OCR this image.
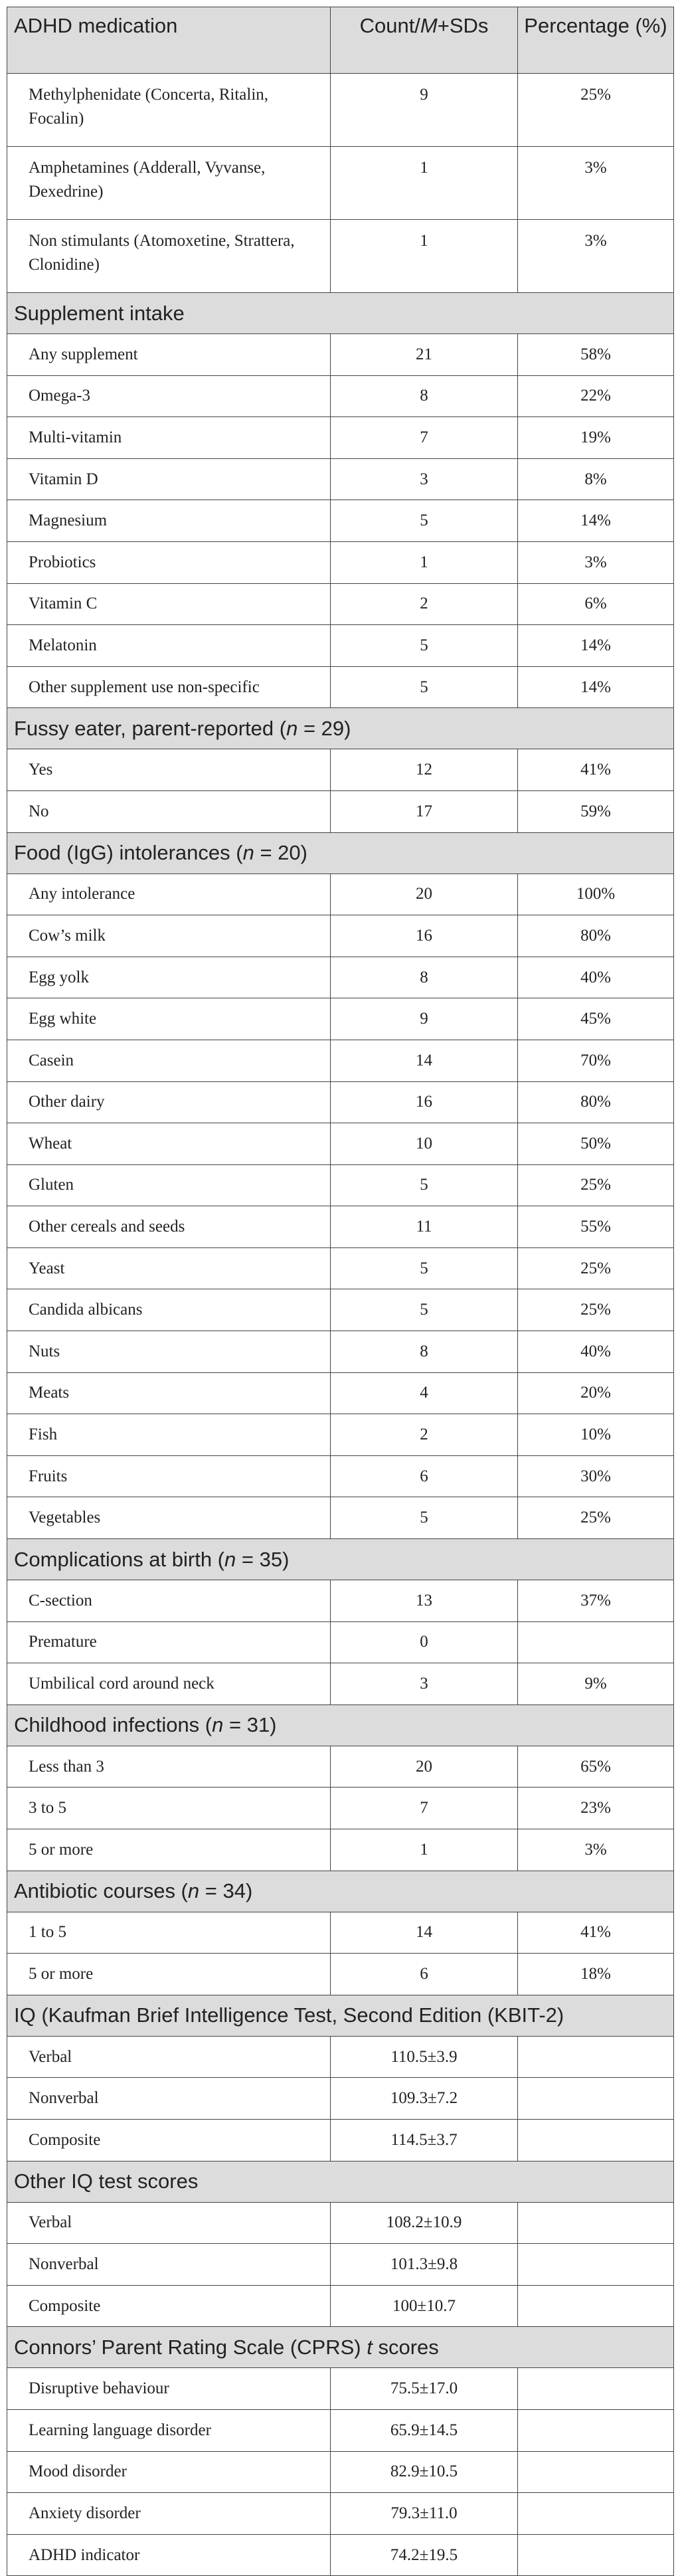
ADHD medication	Count/M+SDs	Percentage (%)
Methylphenidate (Concerta, Ritalin, Focalin)	9	25%
Amphetamines (Adderall, Vyvanse, Dexedrine)	1	3%
Non stimulants (Atomoxetine, Strattera, Clonidine)	1	3%
Supplement intake		
Any supplement	21	58%
Omega-3	8	22%
Multi-vitamin	7	19%
Vitamin D	3	8%
Magnesium	5	14%
Probiotics	1	3%
Vitamin C	2	6%
Melatonin	5	14%
Other supplement use non-specific	5	14%
Fussy eater, parent-reported (n = 29)		
Yes	12	41%
No	17	59%
Food (IgG) intolerances (n = 20)		
Any intolerance	20	100%
Cow’s milk	16	80%
Egg yolk	8	40%
Egg white	9	45%
Casein	14	70%
Other dairy	16	80%
Wheat	10	50%
Gluten	5	25%
Other cereals and seeds	11	55%
Yeast	5	25%
Candida albicans	5	25%
Nuts	8	40%
Meats	4	20%
Fish	2	10%
Fruits	6	30%
Vegetables	5	25%
Complications at birth (n = 35)		
C-section	13	37%
Premature	0	
Umbilical cord around neck	3	9%
Childhood infections (n = 31)		
Less than 3	20	65%
3 to 5	7	23%
5 or more	1	3%
Antibiotic courses (n = 34)		
1 to 5	14	41%
5 or more	6	18%
IQ (Kaufman Brief Intelligence Test, Second Edition (KBIT-2)		
Verbal	110.5±3.9	
Nonverbal	109.3±7.2	
Composite	114.5±3.7	
Other IQ test scores		
Verbal	108.2±10.9	
Nonverbal	101.3±9.8	
Composite	100±10.7	
Connors’ Parent Rating Scale (CPRS) t scores		
Disruptive behaviour	75.5±17.0	
Learning language disorder	65.9±14.5	
Mood disorder	82.9±10.5	
Anxiety disorder	79.3±11.0	
ADHD indicator	74.2±19.5	
